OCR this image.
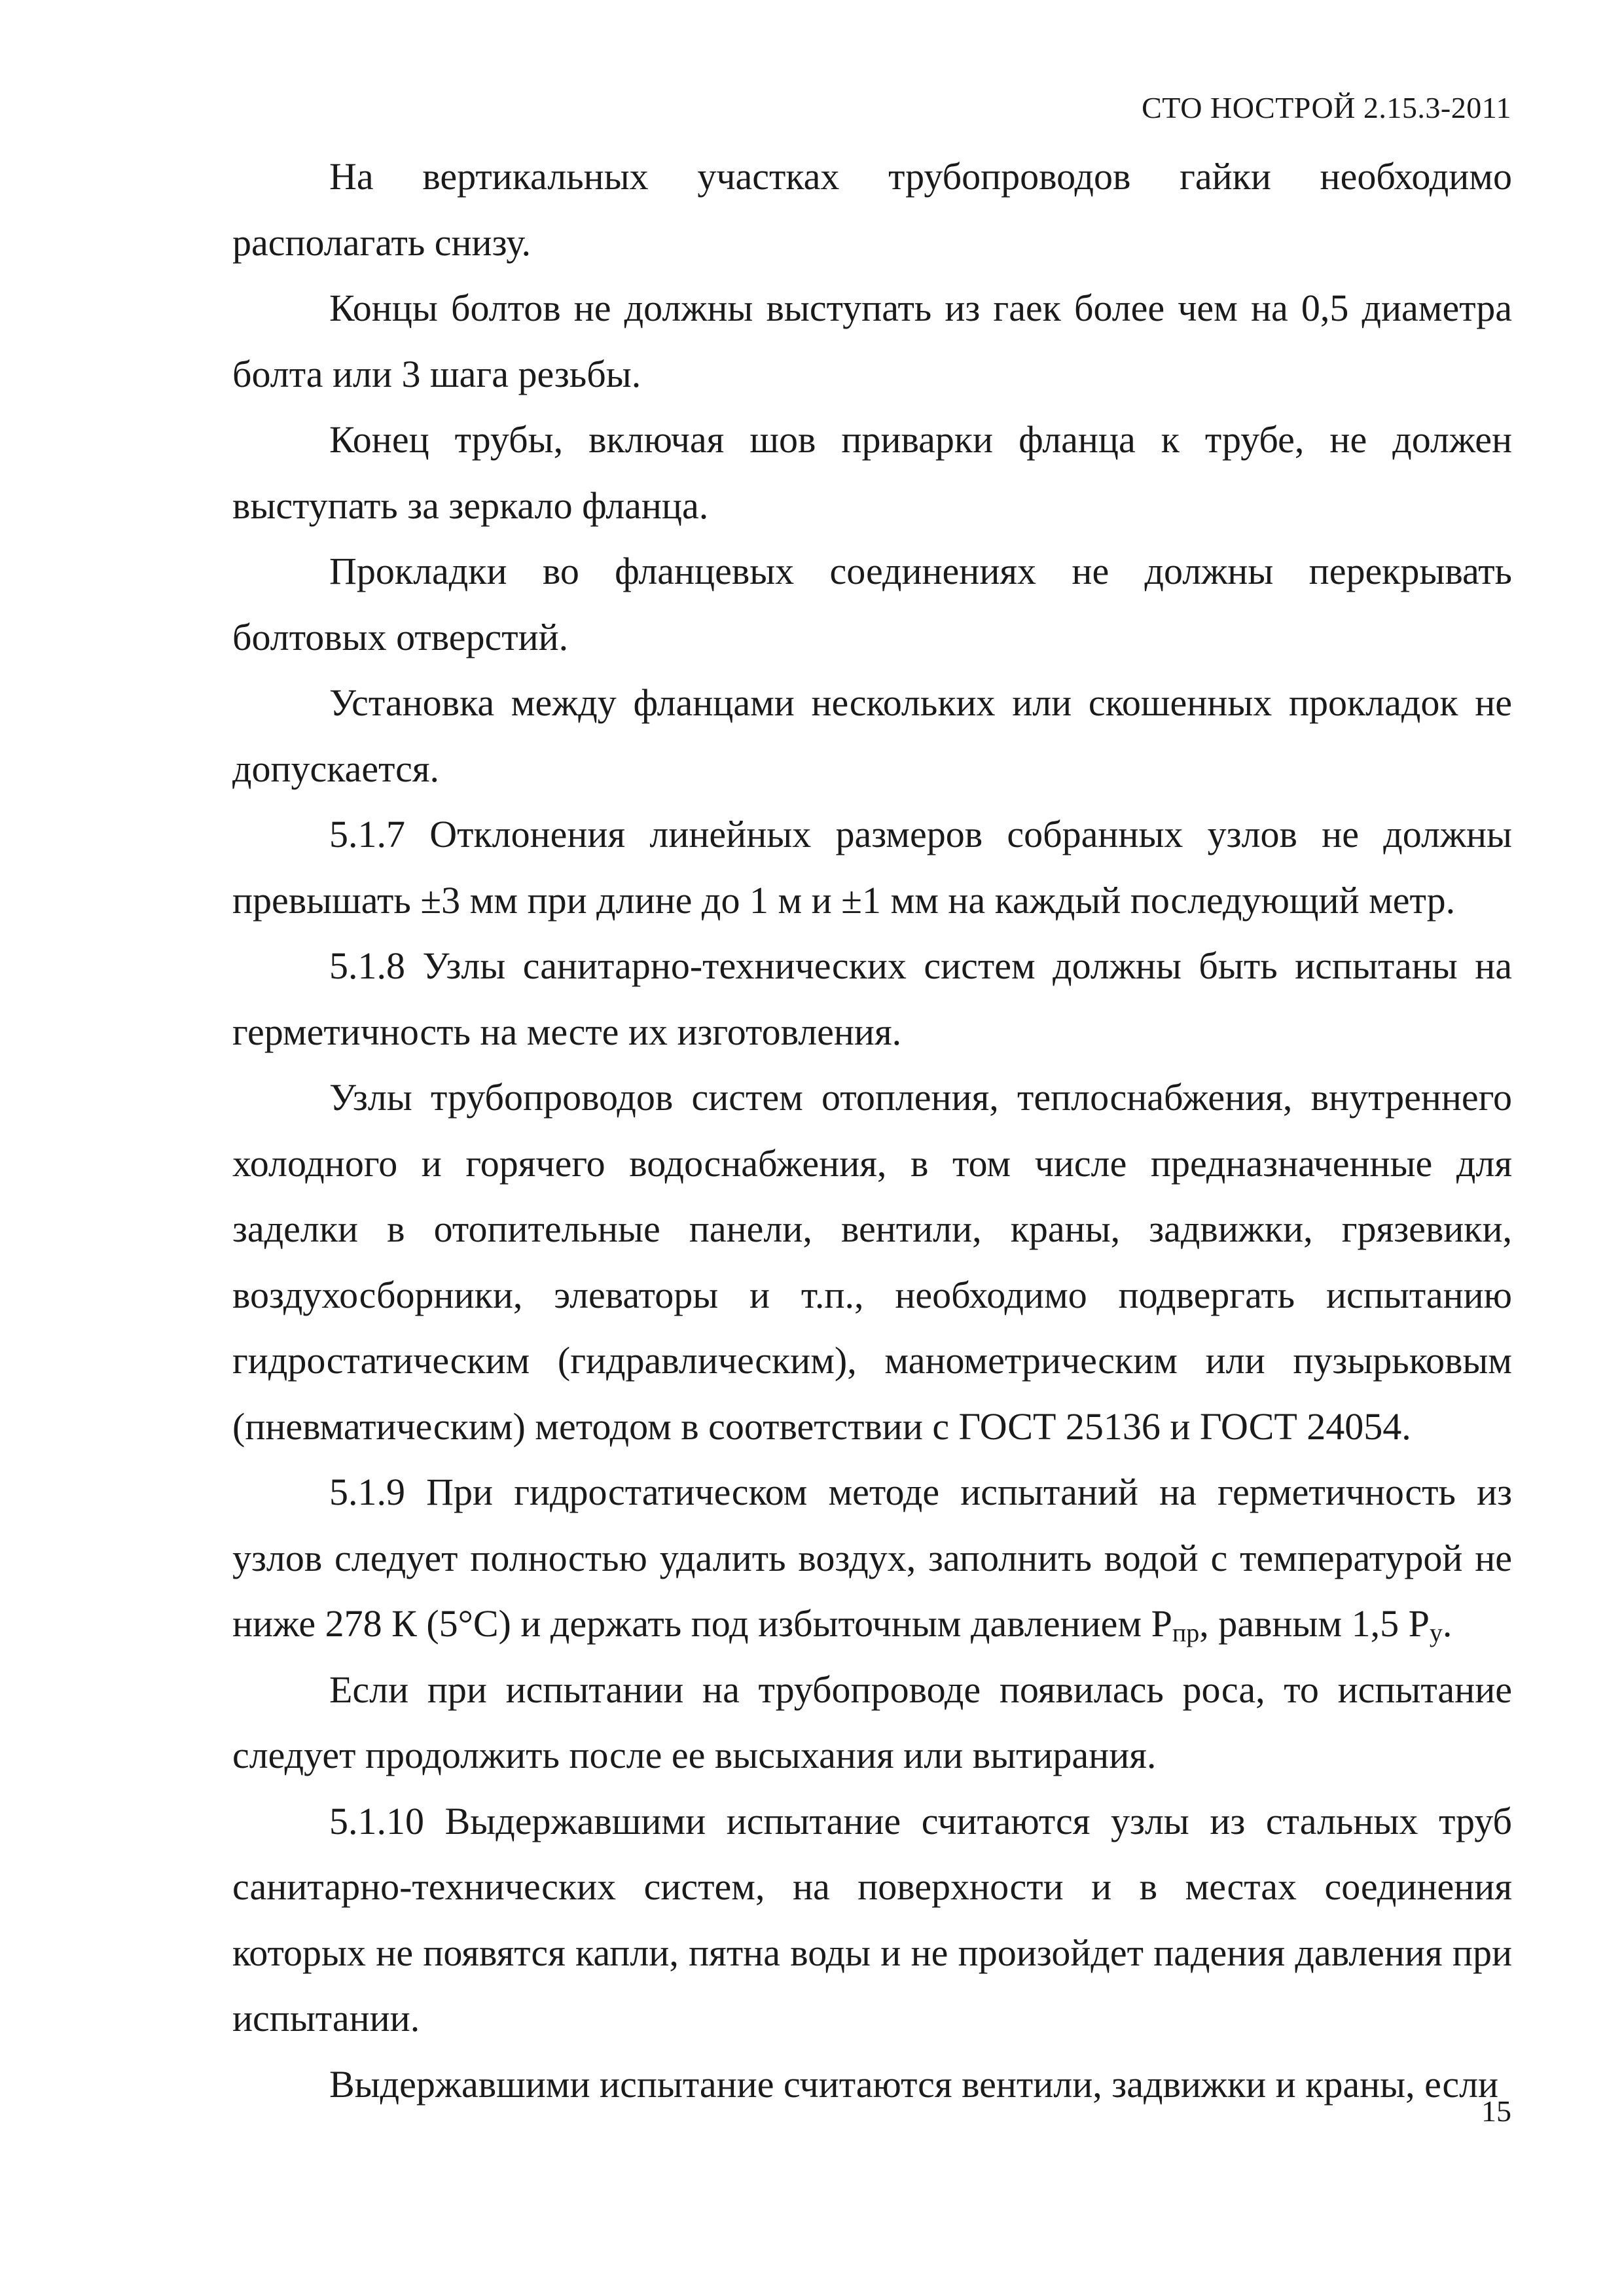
СТО НОСТРОЙ 2.15.3-2011

На вертикальных участках трубопроводов гайки необходимо располагать снизу.

Концы болтов не должны выступать из гаек более чем на 0,5 диаметра болта или 3 шага резьбы.

Конец трубы, включая шов приварки фланца к трубе, не должен выступать за зеркало фланца.

Прокладки во фланцевых соединениях не должны перекрывать болтовых отверстий.

Установка между фланцами нескольких или скошенных прокладок не допускается.

5.1.7 Отклонения линейных размеров собранных узлов не должны превышать ±3 мм при длине до 1 м и ±1 мм на каждый последующий метр.

5.1.8 Узлы санитарно-технических систем должны быть испытаны на герметичность на месте их изготовления.

Узлы трубопроводов систем отопления, теплоснабжения, внутреннего холодного и горячего водоснабжения, в том числе предназначенные для заделки в отопительные панели, вентили, краны, задвижки, грязевики, воздухосборники, элеваторы и т.п., необходимо подвергать испытанию гидростатическим (гидравлическим), манометрическим или пузырьковым (пневматическим) методом в соответствии с ГОСТ 25136 и ГОСТ 24054.

5.1.9 При гидростатическом методе испытаний на герметичность из узлов следует полностью удалить воздух, заполнить водой с температурой не ниже 278 К (5°С) и держать под избыточным давлением $Р_{пр}$, равным 1,5 $Р_у$.

Если при испытании на трубопроводе появилась роса, то испытание следует продолжить после ее высыхания или вытирания.

5.1.10 Выдержавшими испытание считаются узлы из стальных труб санитарно-технических систем, на поверхности и в местах соединения которых не появятся капли, пятна воды и не произойдет падения давления при испытании.

Выдержавшими испытание считаются вентили, задвижки и краны, если

15
